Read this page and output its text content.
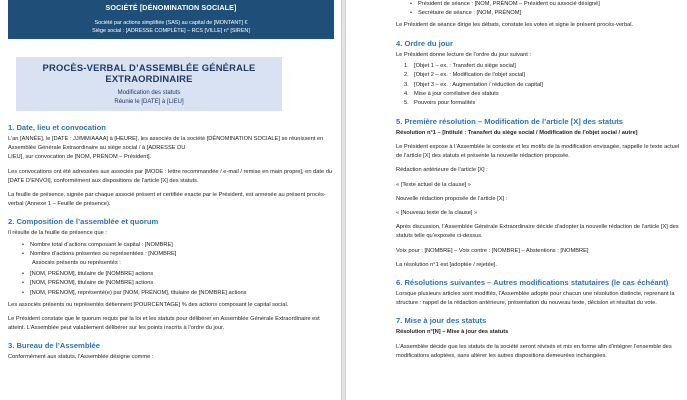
SOCIÉTÉ [DÉNOMINATION SOCIALE]
Société par actions simplifiée (SAS) au capital de [MONTANT] €
Siège social : [ADRESSE COMPLÈTE] – RCS [VILLE] n° [SIREN]
PROCÈS-VERBAL D’ASSEMBLÉE GÉNÉRALE EXTRAORDINAIRE
Modification des statuts
Réunie le [DATE] à [LIEU]
1. Date, lieu et convocation

L’an [ANNÉE], le [DATE : JJ/MM/AAAA] à [HEURE], les associés de la société [DÉNOMINATION SOCIALE] se réunissent en Assemblée Générale Extraordinaire au siège social / à [ADRESSE DU

LIEU], sur convocation de [NOM, PRÉNOM – Président].

Les convocations ont été adressées aux associés par [MODE : lettre recommandée / e-mail / remise en main propre], en date du [DATE D’ENVOI], conformément aux dispositions de l’article [X] des statuts.

La feuille de présence, signée par chaque associé présent et certifiée exacte par le Président, est annexée au présent procès-verbal (Annexe 1 – Feuille de présence).

2. Composition de l’assemblée et quorum

Il résulte de la feuille de présence que :

• Nombre total d’actions composant le capital : [NOMBRE]
• Nombre d’actions présentes ou représentées : [NOMBRE]

Associés présents ou représentés :

• [NOM, PRÉNOM], titulaire de [NOMBRE] actions
• [NOM, PRÉNOM], titulaire de [NOMBRE] actions
• [NOM, PRÉNOM], représenté(e) par [NOM, PRÉNOM], titulaire de [NOMBRE] actions

Les associés présents ou représentés détiennent [POURCENTAGE] % des actions composant le capital social.

Le Président constate que le quorum requis par la loi et les statuts pour délibérer en Assemblée Générale Extraordinaire est atteint. L’Assemblée peut valablement délibérer sur les points inscrits à l’ordre du jour.

3. Bureau de l’Assemblée

Conformément aux statuts, l’Assemblée désigne comme :

• Président de séance : [NOM, PRÉNOM – Président ou associé désigné]
• Secrétaire de séance : [NOM, PRÉNOM]

Le Président de séance dirige les débats, constate les votes et signe le présent procès-verbal.

4. Ordre du jour

Le Président donne lecture de l’ordre du jour suivant :

1. [Objet 1 – ex. : Transfert du siège social]
2. [Objet 2 – ex. : Modification de l’objet social]
3. [Objet 3 – ex. : Augmentation / réduction de capital]
4. Mise à jour corrélative des statuts
5. Pouvoirs pour formalités
5. Première résolution – Modification de l’article [X] des statuts

Résolution n°1 – [Intitulé : Transfert du siège social / Modification de l’objet social / autre]

Le Président expose à l’Assemblée le contexte et les motifs de la modification envisagée, rappelle le texte actuel de l’article [X] des statuts et présente la nouvelle rédaction proposée.

Rédaction antérieure de l’article [X] :

« [Texte actuel de la clause] »

Nouvelle rédaction proposée de l’article [X] :

« [Nouveau texte de la clause] »

Après discussion, l’Assemblée Générale Extraordinaire décide d’adopter la nouvelle rédaction de l’article [X] des statuts telle qu’exposée ci-dessus.

Voix pour : [NOMBRE] – Voix contre : [NOMBRE] – Abstentions : [NOMBRE]

La résolution n°1 est [adoptée / rejetée].

6. Résolutions suivantes – Autres modifications statutaires (le cas échéant)

Lorsque plusieurs articles sont modifiés, l’Assemblée adopte pour chacun une résolution distincte, reprenant la structure : rappel de la rédaction antérieure, présentation du nouveau texte, décision et résultat du vote.

7. Mise à jour des statuts

Résolution n°[N] – Mise à jour des statuts

L’Assemblée décide que les statuts de la société seront révisés et mis en forme afin d’intégrer l’ensemble des modifications adoptées, sans altérer les autres dispositions demeurées inchangées.
